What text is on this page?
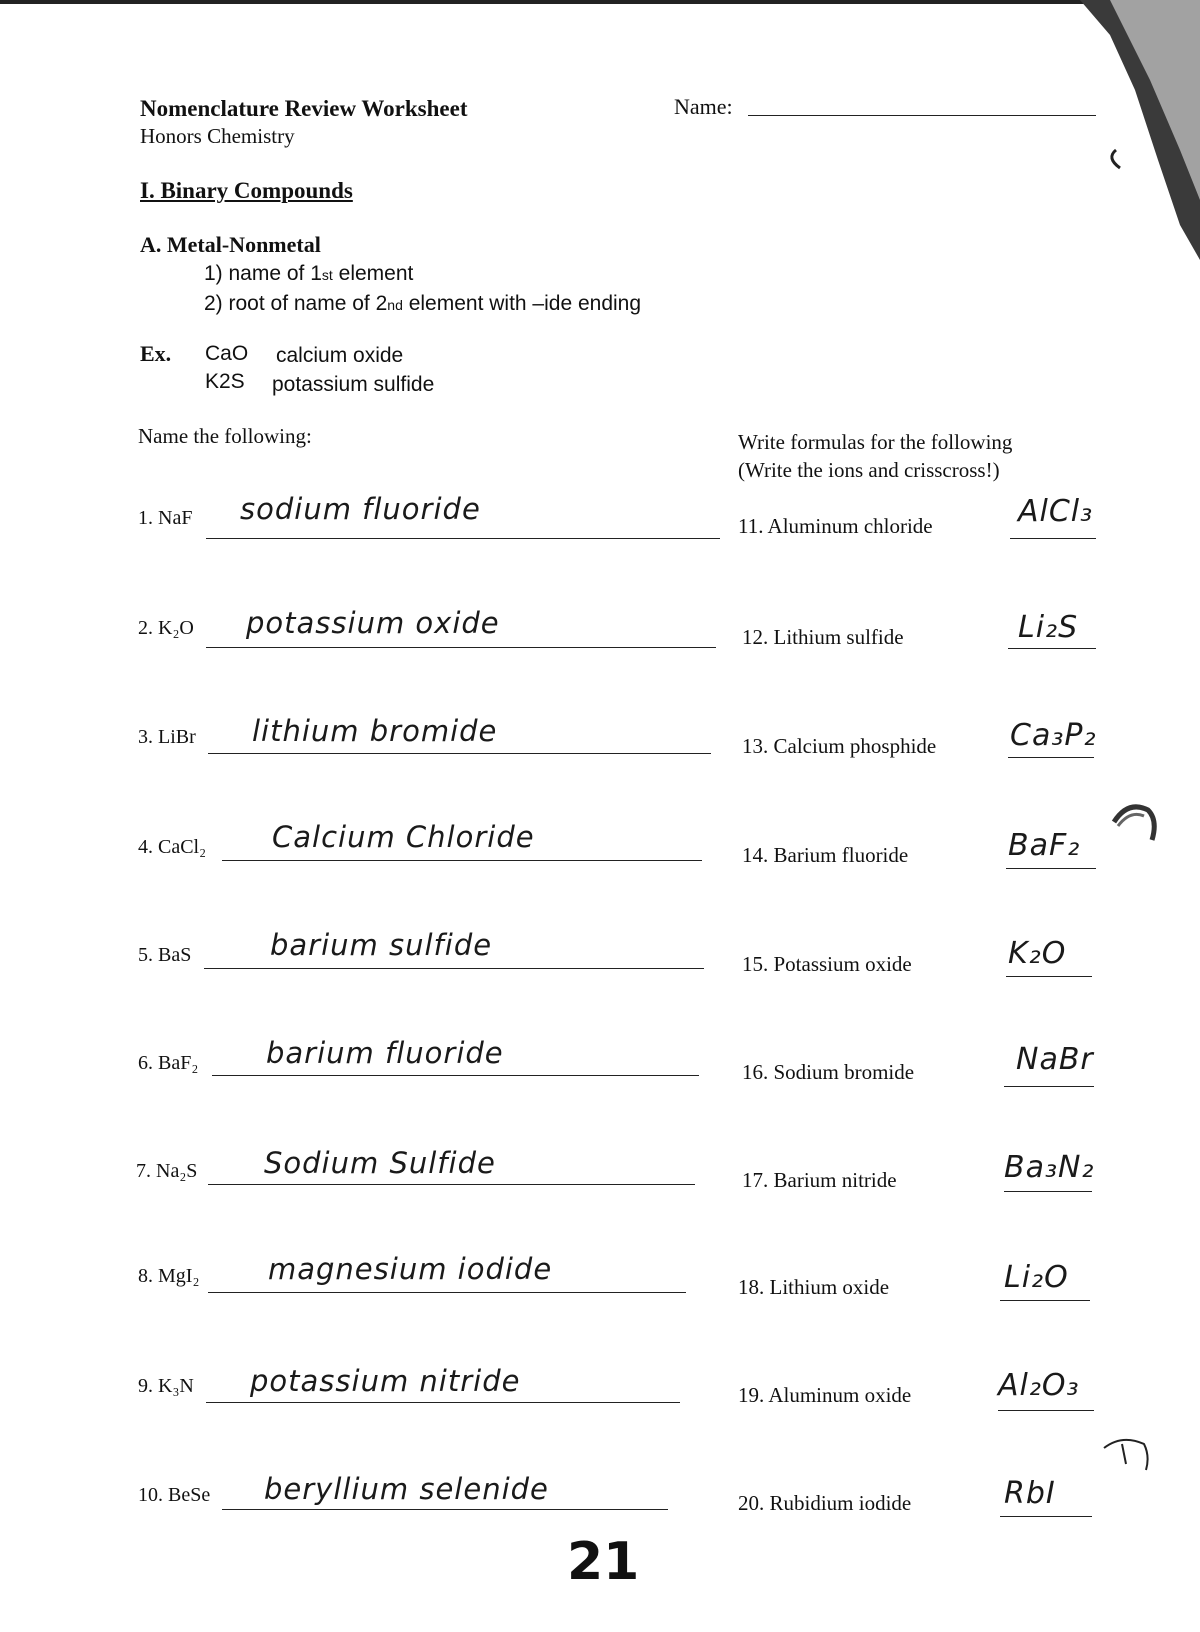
Nomenclature Review Worksheet
Honors Chemistry
Name:
I. Binary Compounds
A. Metal-Nonmetal
1) name of 1st element
2) root of name of 2nd element with –ide ending
Ex. CaO calcium oxide
K2S potassium sulfide
Name the following:	Write formulas for the following
(Write the ions and crisscross!)
1. NaF sodium fluoride
2. K₂O potassium oxide
3. LiBr lithium bromide
4. CaCl₂ Calcium Chloride
5. BaS	barium sulfide
6. BaF₂ barium fluoride
7. Na₂S Sodium Sulfide
8. MgI₂ magnesium iodide
9. K₃N potassium nitride
10. BeSe beryllium selenide
11. Aluminum chloride	AlCl₃
12. Lithium sulfide	Li₂S
13. Calcium phosphide Ca₃P₂
14. Barium fluoride	BaF₂
15. Potassium oxide	K₂O
16. Sodium bromide	NaBr
17. Barium nitride	Ba₃N₂
18. Lithium oxide	Li₂O
19. Aluminum oxide	Al₂O₃
20. Rubidium iodide	RbI
21
